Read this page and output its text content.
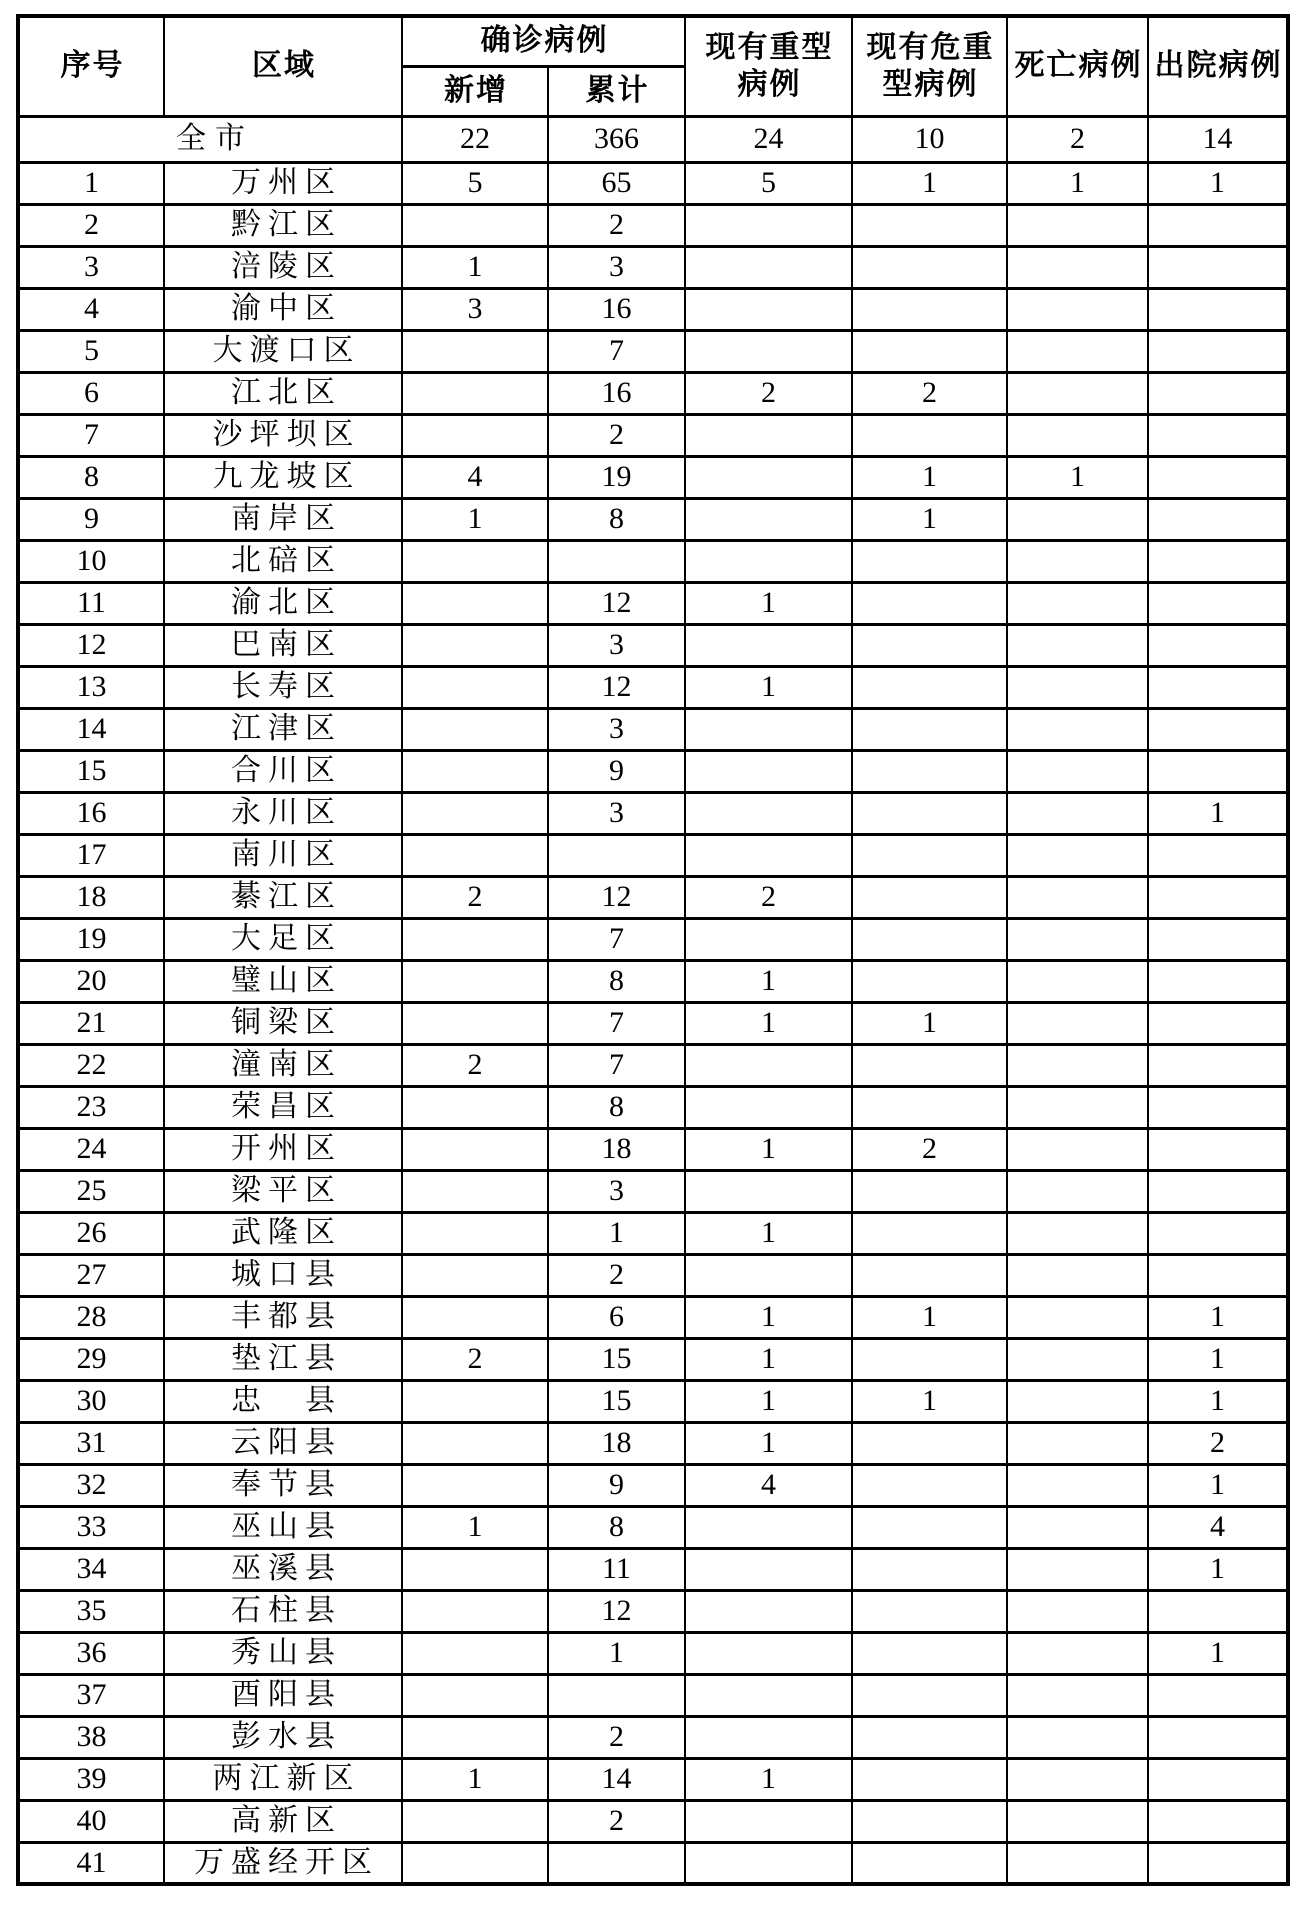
序号	区域	确诊病例		现有重型病例	现有危重型病例	死亡病例	出院病例
		新增	累计				
全市		22	366	24	10	2	14
1	万州区	5	65	5	1	1	1
2	黔江区		2				
3	涪陵区	1	3				
4	渝中区	3	16				
5	大渡口区		7				
6	江北区		16	2	2		
7	沙坪坝区		2				
8	九龙坡区	4	19		1	1	
9	南岸区	1	8		1		
10	北碚区						
11	渝北区		12	1			
12	巴南区		3				
13	长寿区		12	1			
14	江津区		3				
15	合川区		9				
16	永川区		3				1
17	南川区						
18	綦江区	2	12	2			
19	大足区		7				
20	璧山区		8	1			
21	铜梁区		7	1	1		
22	潼南区	2	7				
23	荣昌区		8				
24	开州区		18	1	2		
25	梁平区		3				
26	武隆区		1	1			
27	城口县		2				
28	丰都县		6	1	1		1
29	垫江县	2	15	1			1
30	忠　县		15	1	1		1
31	云阳县		18	1			2
32	奉节县		9	4			1
33	巫山县	1	8				4
34	巫溪县		11				1
35	石柱县		12				
36	秀山县		1				1
37	酉阳县						
38	彭水县		2				
39	两江新区	1	14	1			
40	高新区		2				
41	万盛经开区						
